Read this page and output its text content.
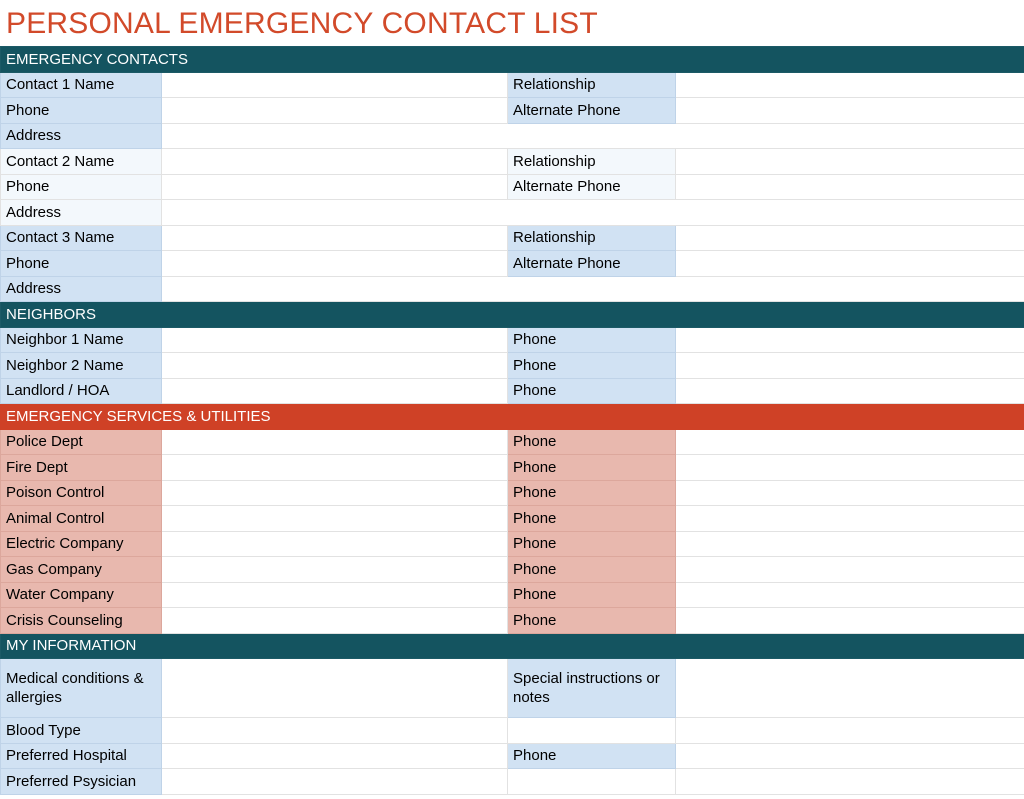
PERSONAL EMERGENCY CONTACT LIST
EMERGENCY CONTACTS			
Contact 1 Name		Relationship	
Phone		Alternate Phone	
Address			
Contact 2 Name		Relationship	
Phone		Alternate Phone	
Address			
Contact 3 Name		Relationship	
Phone		Alternate Phone	
Address			
NEIGHBORS			
Neighbor 1 Name		Phone	
Neighbor 2 Name		Phone	
Landlord / HOA		Phone	
EMERGENCY SERVICES & UTILITIES			
Police Dept		Phone	
Fire Dept		Phone	
Poison Control		Phone	
Animal Control		Phone	
Electric Company		Phone	
Gas Company		Phone	
Water Company		Phone	
Crisis Counseling		Phone	
MY INFORMATION			
Medical conditions & allergies		Special instructions or notes	
Blood Type			
Preferred Hospital		Phone	
Preferred Psysician			
